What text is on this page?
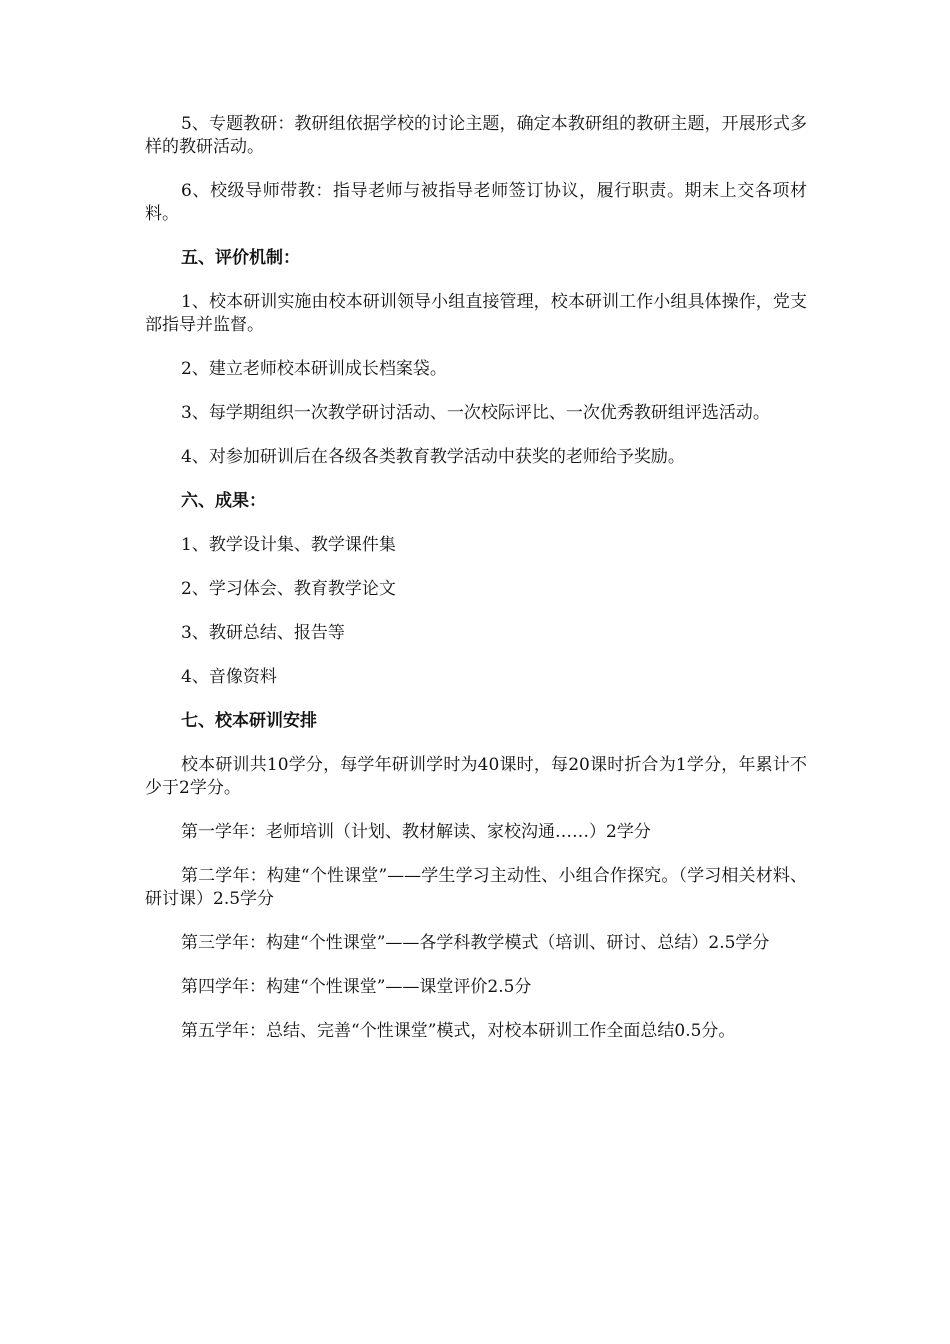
5、专题教研：教研组依据学校的讨论主题，确定本教研组的教研主题，开展形式多样的教研活动。

6、校级导师带教：指导老师与被指导老师签订协议，履行职责。期末上交各项材料。

五、评价机制：

1、校本研训实施由校本研训领导小组直接管理，校本研训工作小组具体操作，党支部指导并监督。

2、建立老师校本研训成长档案袋。

3、每学期组织一次教学研讨活动、一次校际评比、一次优秀教研组评选活动。

4、对参加研训后在各级各类教育教学活动中获奖的老师给予奖励。

六、成果：

1、教学设计集、教学课件集

2、学习体会、教育教学论文

3、教研总结、报告等

4、音像资料

七、校本研训安排

校本研训共10学分，每学年研训学时为40课时，每20课时折合为1学分，年累计不少于2学分。

第一学年：老师培训（计划、教材解读、家校沟通……）2学分

第二学年：构建“个性课堂”——学生学习主动性、小组合作探究。（学习相关材料、研讨课）2.5学分

第三学年：构建“个性课堂”——各学科教学模式（培训、研讨、总结）2.5学分

第四学年：构建“个性课堂”——课堂评价2.5分

第五学年：总结、完善“个性课堂”模式，对校本研训工作全面总结0.5分。
